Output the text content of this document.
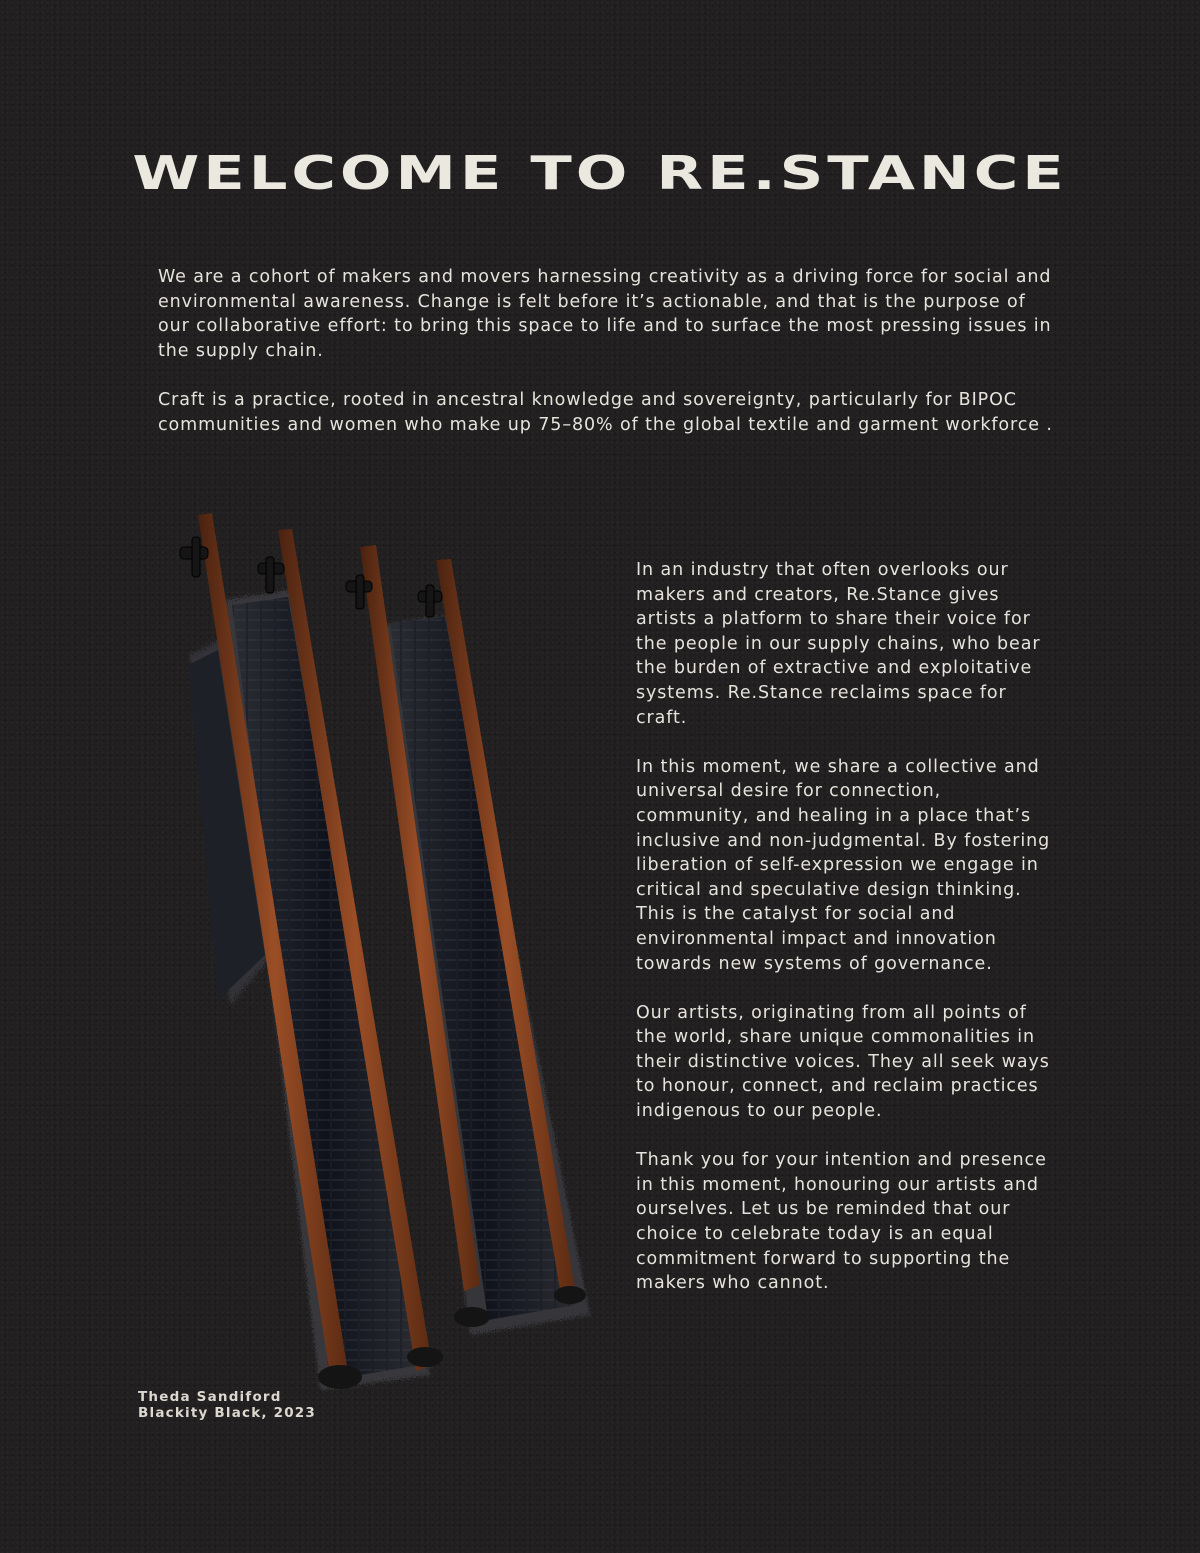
WELCOME TO RE.STANCE

We are a cohort of makers and movers harnessing creativity as a driving force for social and environmental awareness. Change is felt before it’s actionable, and that is the purpose of our collaborative effort: to bring this space to life and to surface the most pressing issues in the supply chain.

Craft is a practice, rooted in ancestral knowledge and sovereignty, particularly for BIPOC communities and women who make up 75–80% of the global textile and garment workforce .

In an industry that often overlooks our makers and creators, Re.Stance gives artists a platform to share their voice for the people in our supply chains, who bear the burden of extractive and exploitative systems. Re.Stance reclaims space for craft.

In this moment, we share a collective and universal desire for connection, community, and healing in a place that’s inclusive and non-judgmental. By fostering liberation of self-expression we engage in critical and speculative design thinking. This is the catalyst for social and environmental impact and innovation towards new systems of governance.

Our artists, originating from all points of the world, share unique commonalities in their distinctive voices. They all seek ways to honour, connect, and reclaim practices indigenous to our people.

Thank you for your intention and presence in this moment, honouring our artists and ourselves. Let us be reminded that our choice to celebrate today is an equal commitment forward to supporting the makers who cannot.

Theda Sandiford
Blackity Black, 2023
